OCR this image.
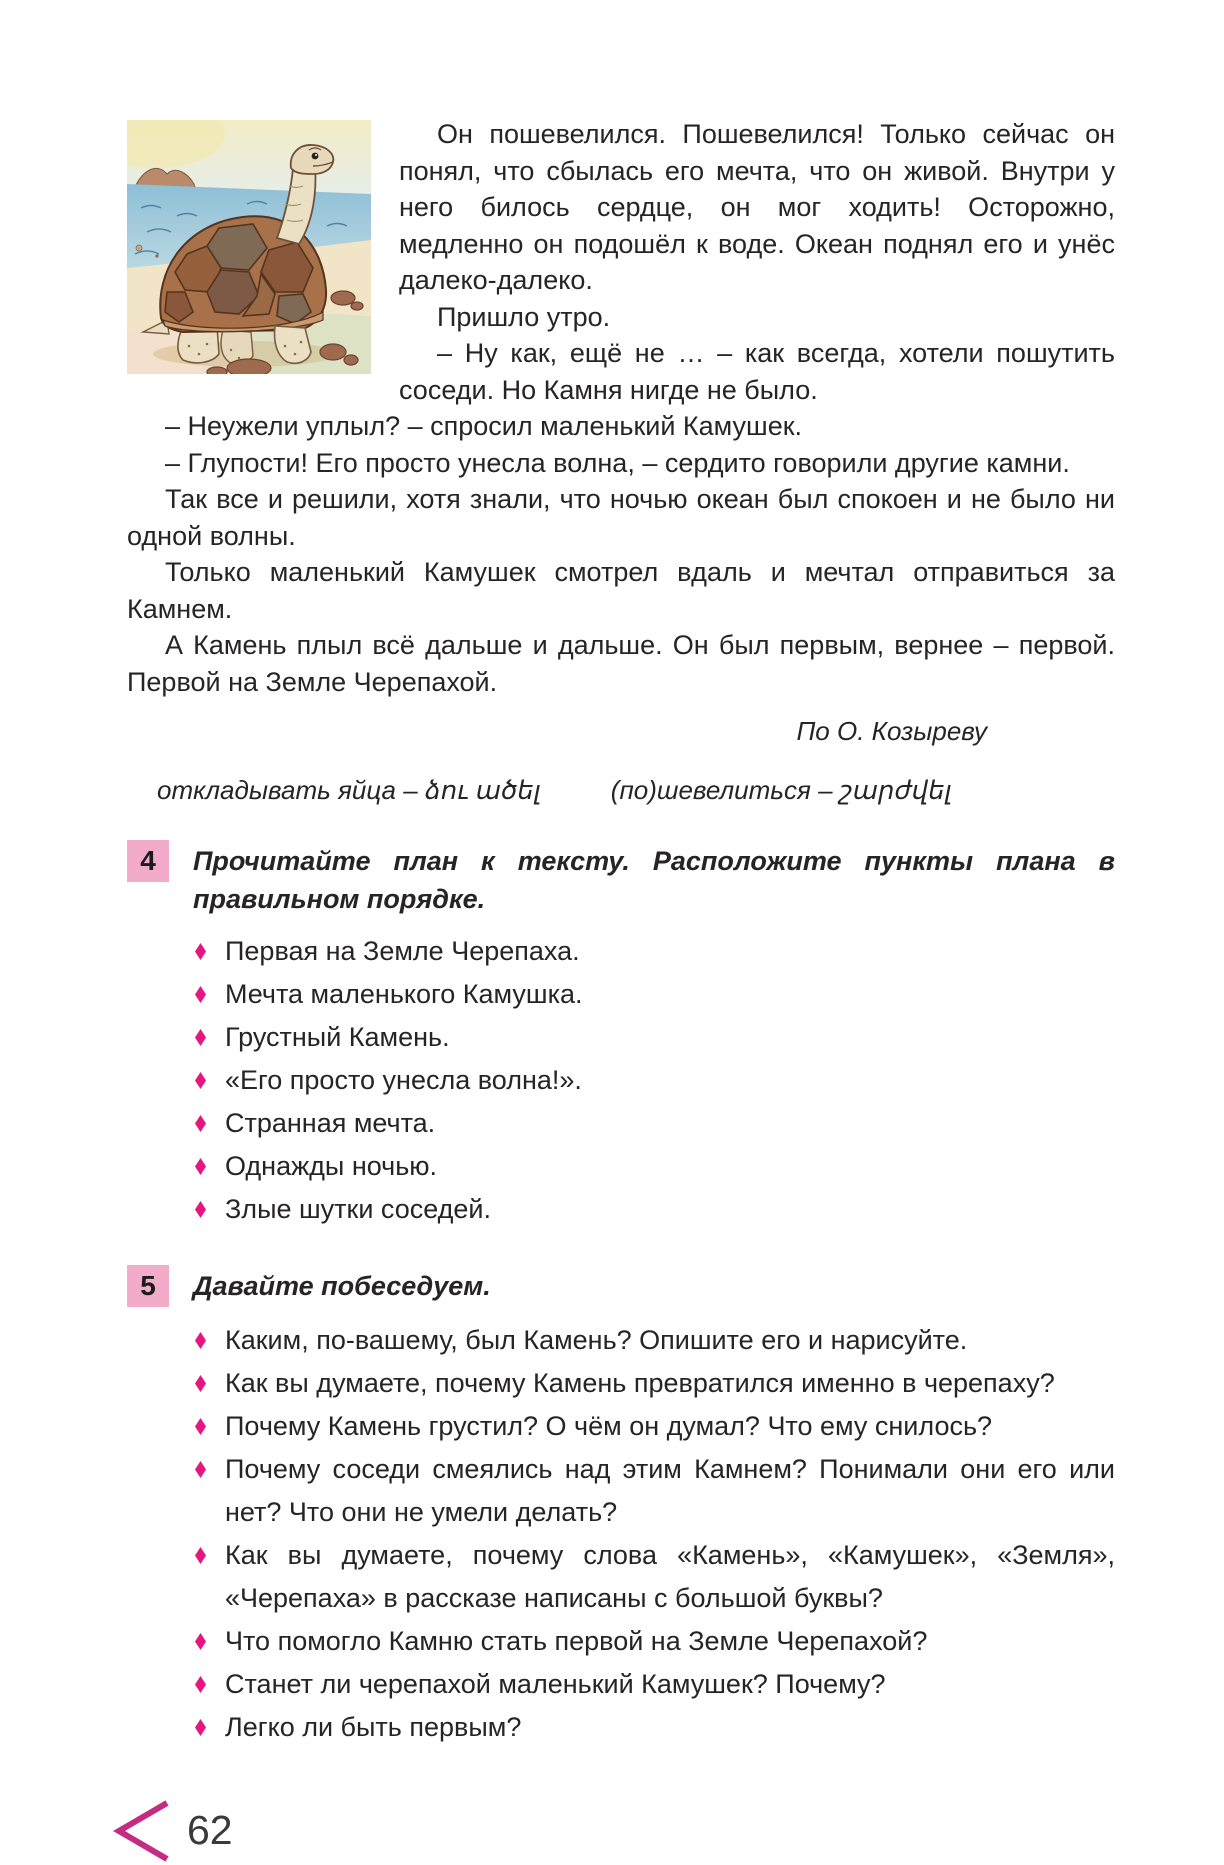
Он пошевелился. Пошевелился! Только сейчас он понял, что сбылась его мечта, что он живой. Внутри у него билось сердце, он мог ходить! Осторожно, медленно он подошёл к воде. Океан поднял его и унёс далеко-далеко.

Пришло утро.

– Ну как, ещё не … – как всегда, хотели пошутить соседи. Но Камня нигде не было.

– Неужели уплыл? – спросил маленький Камушек.

– Глупости! Его просто унесла волна, – сердито говорили другие камни.

Так все и решили, хотя знали, что ночью океан был спокоен и не было ни одной волны.

Только маленький Камушек смотрел вдаль и мечтал отправиться за Камнем.

А Камень плыл всё дальше и дальше. Он был первым, вернее – первой. Первой на Земле Черепахой.

По О. Козыреву
откладывать яйца – ձու ածել	(по)шевелиться – շարժվել
4	Прочитайте план к тексту. Расположите пункты плана в правильном порядке.
Первая на Земле Черепаха.
Мечта маленького Камушка.
Грустный Камень.
«Его просто унесла волна!».
Странная мечта.
Однажды ночью.
Злые шутки соседей.
5	Давайте побеседуем.
Каким, по-вашему, был Камень? Опишите его и нарисуйте.
Как вы думаете, почему Камень превратился именно в черепаху?
Почему Камень грустил? О чём он думал? Что ему снилось?
Почему соседи смеялись над этим Камнем? Понимали они его или нет? Что они не умели делать?
Как вы думаете, почему слова «Камень», «Камушек», «Земля», «Черепаха» в рассказе написаны с большой буквы?
Что помогло Камню стать первой на Земле Черепахой?
Станет ли черепахой маленький Камушек? Почему?
Легко ли быть первым?
62
